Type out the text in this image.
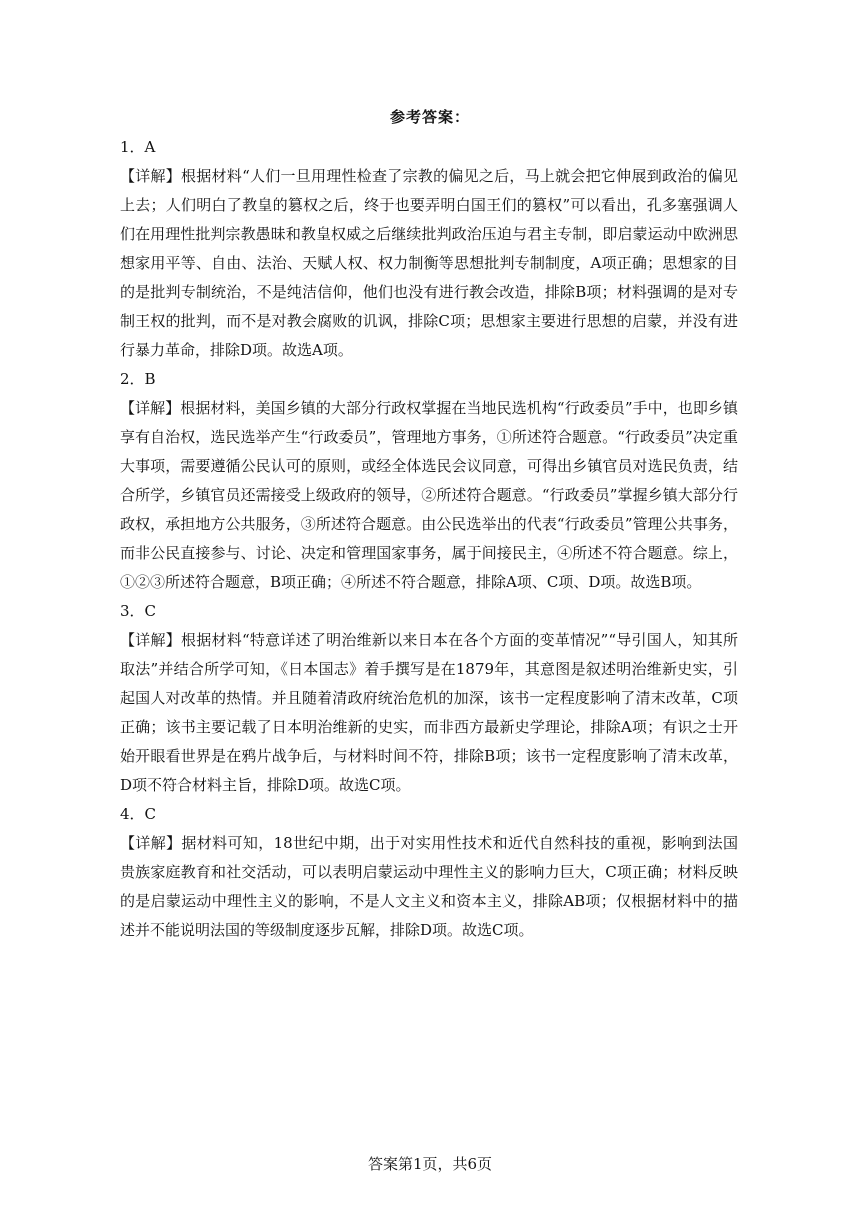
参考答案：

1．A

【详解】根据材料“人们一旦用理性检查了宗教的偏见之后，马上就会把它伸展到政治的偏见上去；人们明白了教皇的篡权之后，终于也要弄明白国王们的篡权”可以看出，孔多塞强调人们在用理性批判宗教愚昧和教皇权威之后继续批判政治压迫与君主专制，即启蒙运动中欧洲思想家用平等、自由、法治、天赋人权、权力制衡等思想批判专制制度，A项正确；思想家的目的是批判专制统治，不是纯洁信仰，他们也没有进行教会改造，排除B项；材料强调的是对专制王权的批判，而不是对教会腐败的讥讽，排除C项；思想家主要进行思想的启蒙，并没有进行暴力革命，排除D项。故选A项。

2．B

【详解】根据材料，美国乡镇的大部分行政权掌握在当地民选机构“行政委员”手中，也即乡镇享有自治权，选民选举产生“行政委员”，管理地方事务，①所述符合题意。“行政委员”决定重大事项，需要遵循公民认可的原则，或经全体选民会议同意，可得出乡镇官员对选民负责，结合所学，乡镇官员还需接受上级政府的领导，②所述符合题意。“行政委员”掌握乡镇大部分行政权，承担地方公共服务，③所述符合题意。由公民选举出的代表“行政委员”管理公共事务，而非公民直接参与、讨论、决定和管理国家事务，属于间接民主，④所述不符合题意。综上，①②③所述符合题意，B项正确；④所述不符合题意，排除A项、C项、D项。故选B项。

3．C

【详解】根据材料“特意详述了明治维新以来日本在各个方面的变革情况”“导引国人，知其所取法”并结合所学可知，《日本国志》着手撰写是在1879年，其意图是叙述明治维新史实，引起国人对改革的热情。并且随着清政府统治危机的加深，该书一定程度影响了清末改革，C项正确；该书主要记载了日本明治维新的史实，而非西方最新史学理论，排除A项；有识之士开始开眼看世界是在鸦片战争后，与材料时间不符，排除B项；该书一定程度影响了清末改革，D项不符合材料主旨，排除D项。故选C项。

4．C

【详解】据材料可知，18世纪中期，出于对实用性技术和近代自然科技的重视，影响到法国贵族家庭教育和社交活动，可以表明启蒙运动中理性主义的影响力巨大，C项正确；材料反映的是启蒙运动中理性主义的影响，不是人文主义和资本主义，排除AB项；仅根据材料中的描述并不能说明法国的等级制度逐步瓦解，排除D项。故选C项。

答案第1页，共6页
